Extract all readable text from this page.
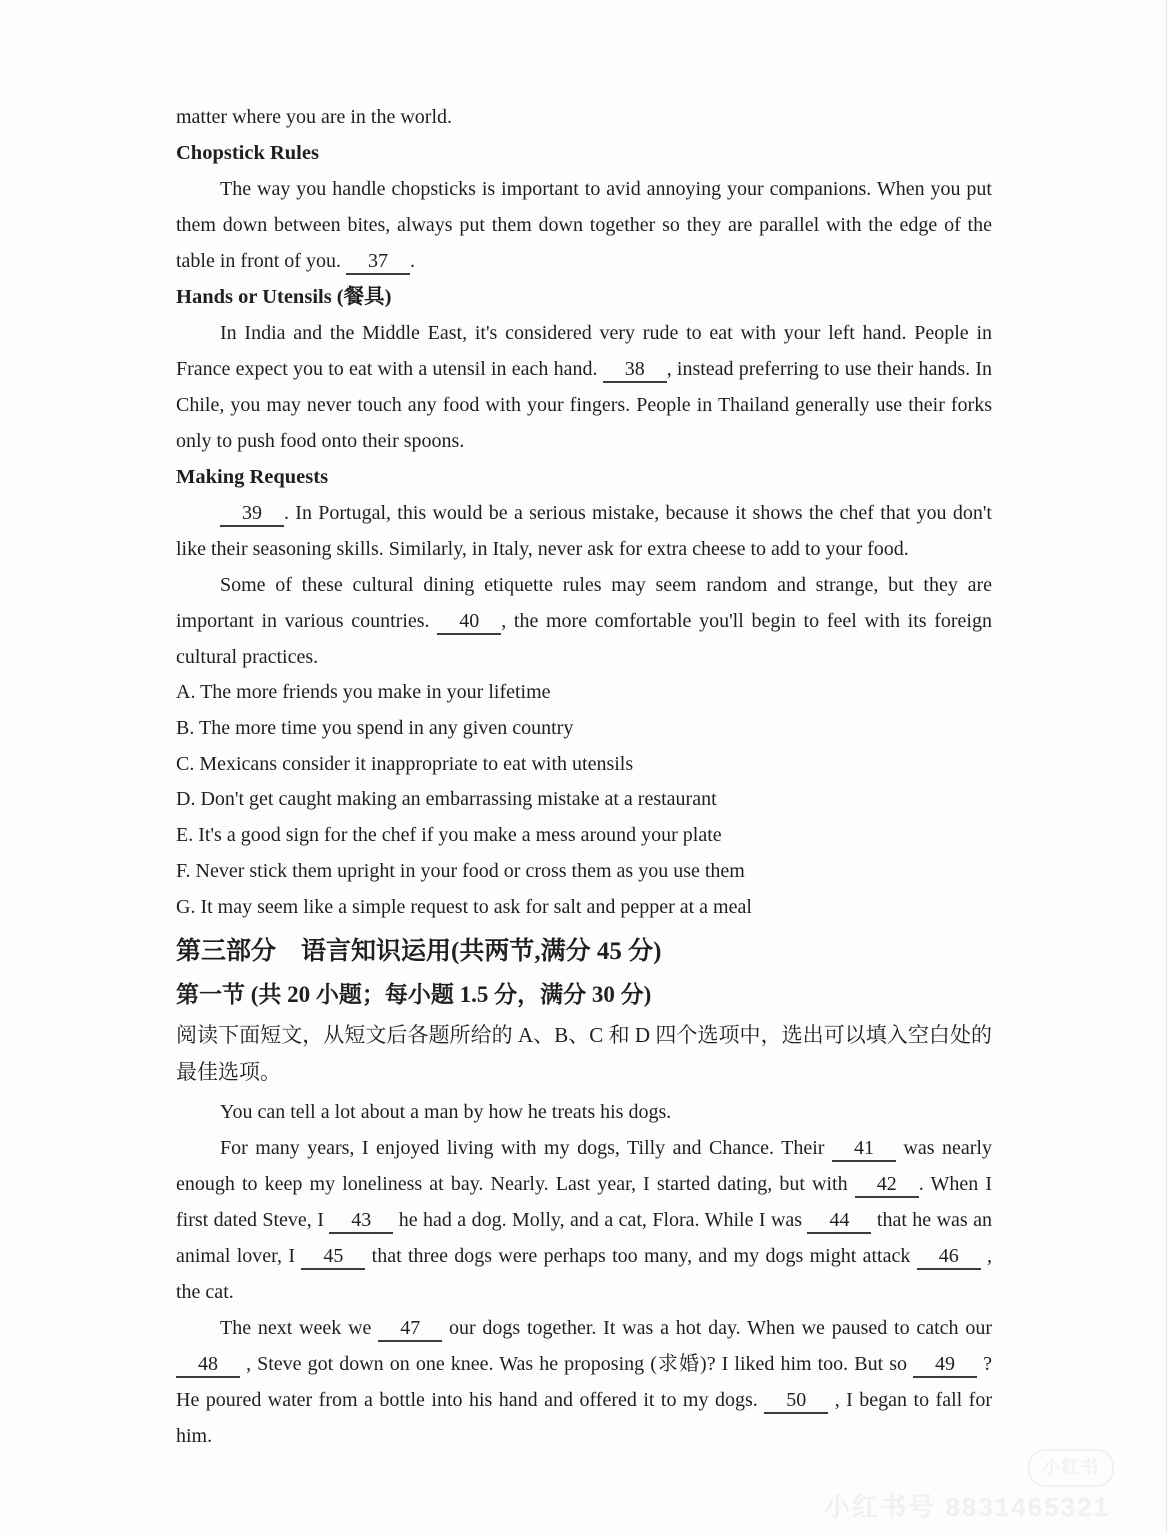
matter where you are in the world.

Chopstick Rules

The way you handle chopsticks is important to avid annoying your companions. When you put them down between bites, always put them down together so they are parallel with the edge of the table in front of you. 37 .

Hands or Utensils (餐具)

In India and the Middle East, it's considered very rude to eat with your left hand. People in France expect you to eat with a utensil in each hand. 38 , instead preferring to use their hands. In Chile, you may never touch any food with your fingers. People in Thailand generally use their forks only to push food onto their spoons.

Making Requests

39 . In Portugal, this would be a serious mistake, because it shows the chef that you don't like their seasoning skills. Similarly, in Italy, never ask for extra cheese to add to your food.

Some of these cultural dining etiquette rules may seem random and strange, but they are important in various countries. 40 , the more comfortable you'll begin to feel with its foreign cultural practices.

A. The more friends you make in your lifetime

B. The more time you spend in any given country

C. Mexicans consider it inappropriate to eat with utensils

D. Don't get caught making an embarrassing mistake at a restaurant

E. It's a good sign for the chef if you make a mess around your plate

F. Never stick them upright in your food or cross them as you use them

G. It may seem like a simple request to ask for salt and pepper at a meal

第三部分　语言知识运用(共两节,满分 45 分)

第一节 (共 20 小题；每小题 1.5 分，满分 30 分)

阅读下面短文，从短文后各题所给的 A、B、C 和 D 四个选项中，选出可以填入空白处的最佳选项。

You can tell a lot about a man by how he treats his dogs.

For many years, I enjoyed living with my dogs, Tilly and Chance. Their 41 was nearly enough to keep my loneliness at bay. Nearly. Last year, I started dating, but with 42 . When I first dated Steve, I 43 he had a dog. Molly, and a cat, Flora. While I was 44 that he was an animal lover, I 45 that three dogs were perhaps too many, and my dogs might attack 46 , the cat.

The next week we 47 our dogs together. It was a hot day. When we paused to catch our 48 , Steve got down on one knee. Was he proposing (求婚)? I liked him too. But so 49 ? He poured water from a bottle into his hand and offered it to my dogs. 50 , I began to fall for him.

小红书
小红书号 8831465321
